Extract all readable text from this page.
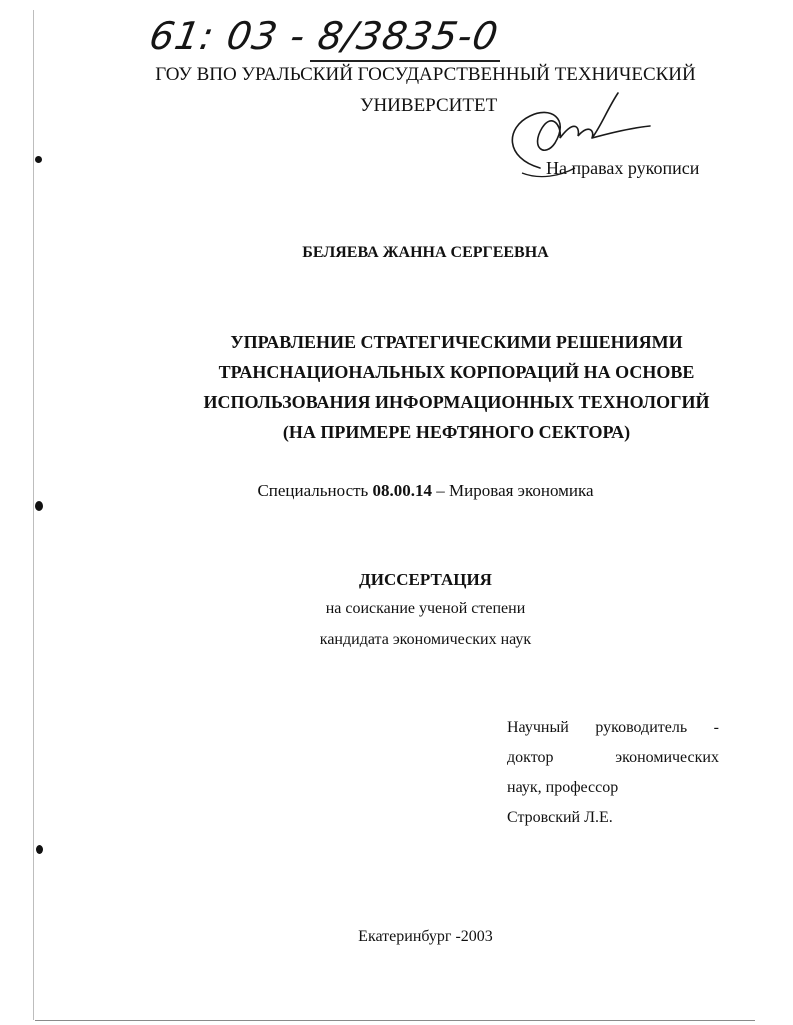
61: 03 - 8/3835-0
ГОУ ВПО УРАЛЬСКИЙ ГОСУДАРСТВЕННЫЙ ТЕХНИЧЕСКИЙ
УНИВЕРСИТЕТ
На правах рукописи
БЕЛЯЕВА ЖАННА СЕРГЕЕВНА
УПРАВЛЕНИЕ СТРАТЕГИЧЕСКИМИ РЕШЕНИЯМИ
ТРАНСНАЦИОНАЛЬНЫХ КОРПОРАЦИЙ НА ОСНОВЕ
ИСПОЛЬЗОВАНИЯ ИНФОРМАЦИОННЫХ ТЕХНОЛОГИЙ
(НА ПРИМЕРЕ НЕФТЯНОГО СЕКТОРА)
Специальность 08.00.14 – Мировая экономика
ДИССЕРТАЦИЯ
на соискание ученой степени
кандидата экономических наук
Научный руководитель -
доктор	экономических
наук, профессор
Стровский Л.Е.
Екатеринбург -2003
